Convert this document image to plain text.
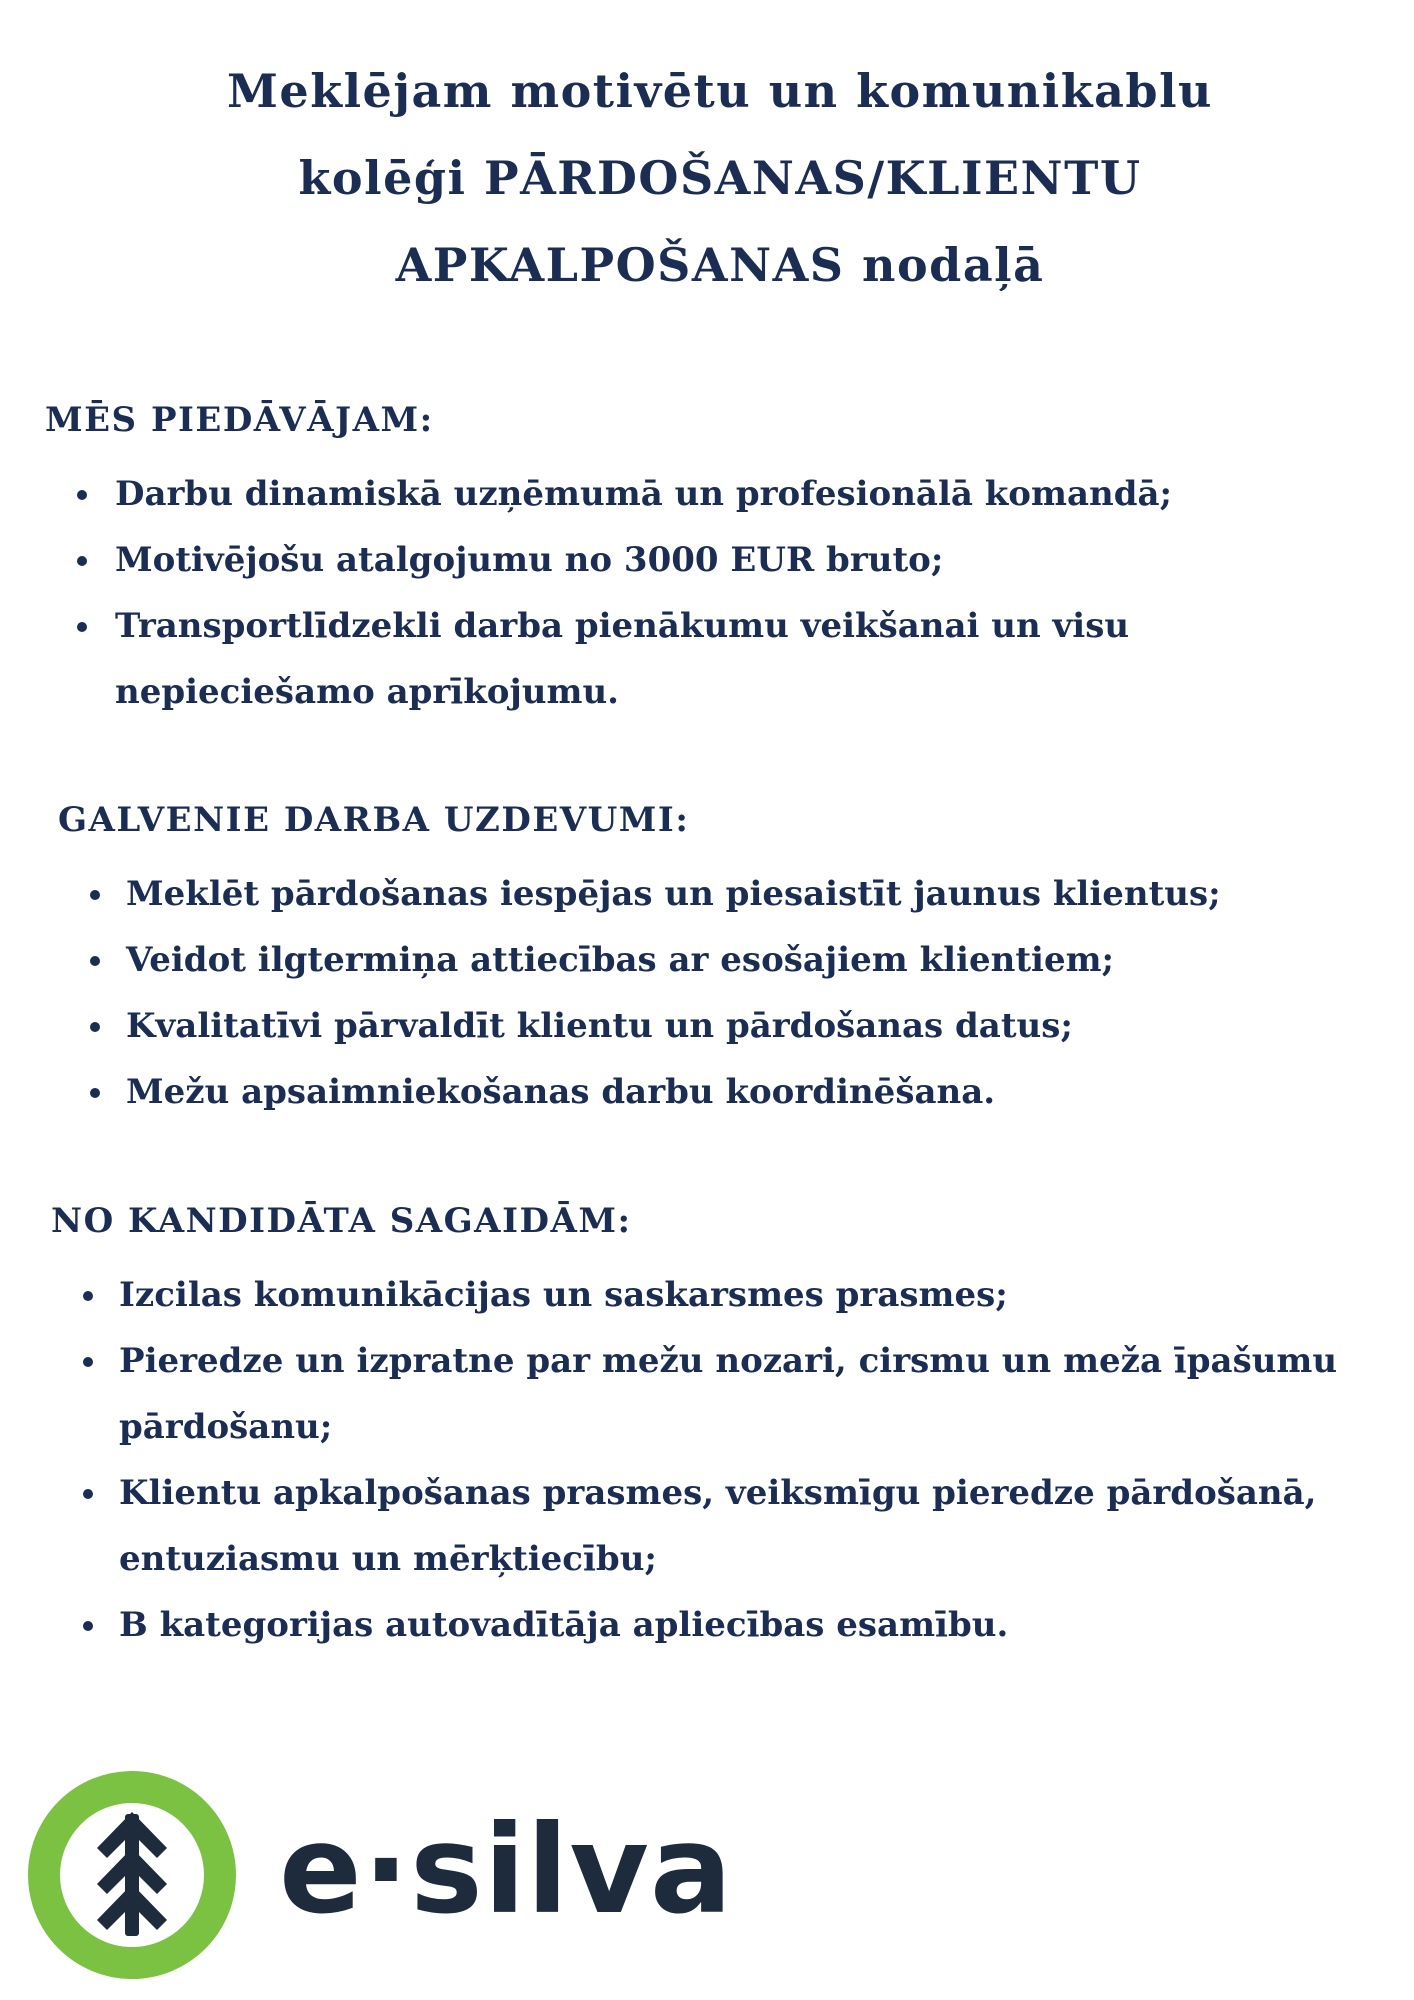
Meklējam motivētu un komunikablu
kolēģi PĀRDOŠANAS/KLIENTU
APKALPOŠANAS nodaļā
MĒS PIEDĀVĀJAM:
Darbu dinamiskā uzņēmumā un profesionālā komandā;
Motivējošu atalgojumu no 3000 EUR bruto;
Transportlīdzekli darba pienākumu veikšanai un visu nepieciešamo aprīkojumu.
GALVENIE DARBA UZDEVUMI:
Meklēt pārdošanas iespējas un piesaistīt jaunus klientus;
Veidot ilgtermiņa attiecības ar esošajiem klientiem;
Kvalitatīvi pārvaldīt klientu un pārdošanas datus;
Mežu apsaimniekošanas darbu koordinēšana.
NO KANDIDĀTA SAGAIDĀM:
Izcilas komunikācijas un saskarsmes prasmes;
Pieredze un izpratne par mežu nozari, cirsmu un meža īpašumu pārdošanu;
Klientu apkalpošanas prasmes, veiksmīgu pieredze pārdošanā, entuziasmu un mērķtiecību;
B kategorijas autovadītāja apliecības esamību.
e·silva
